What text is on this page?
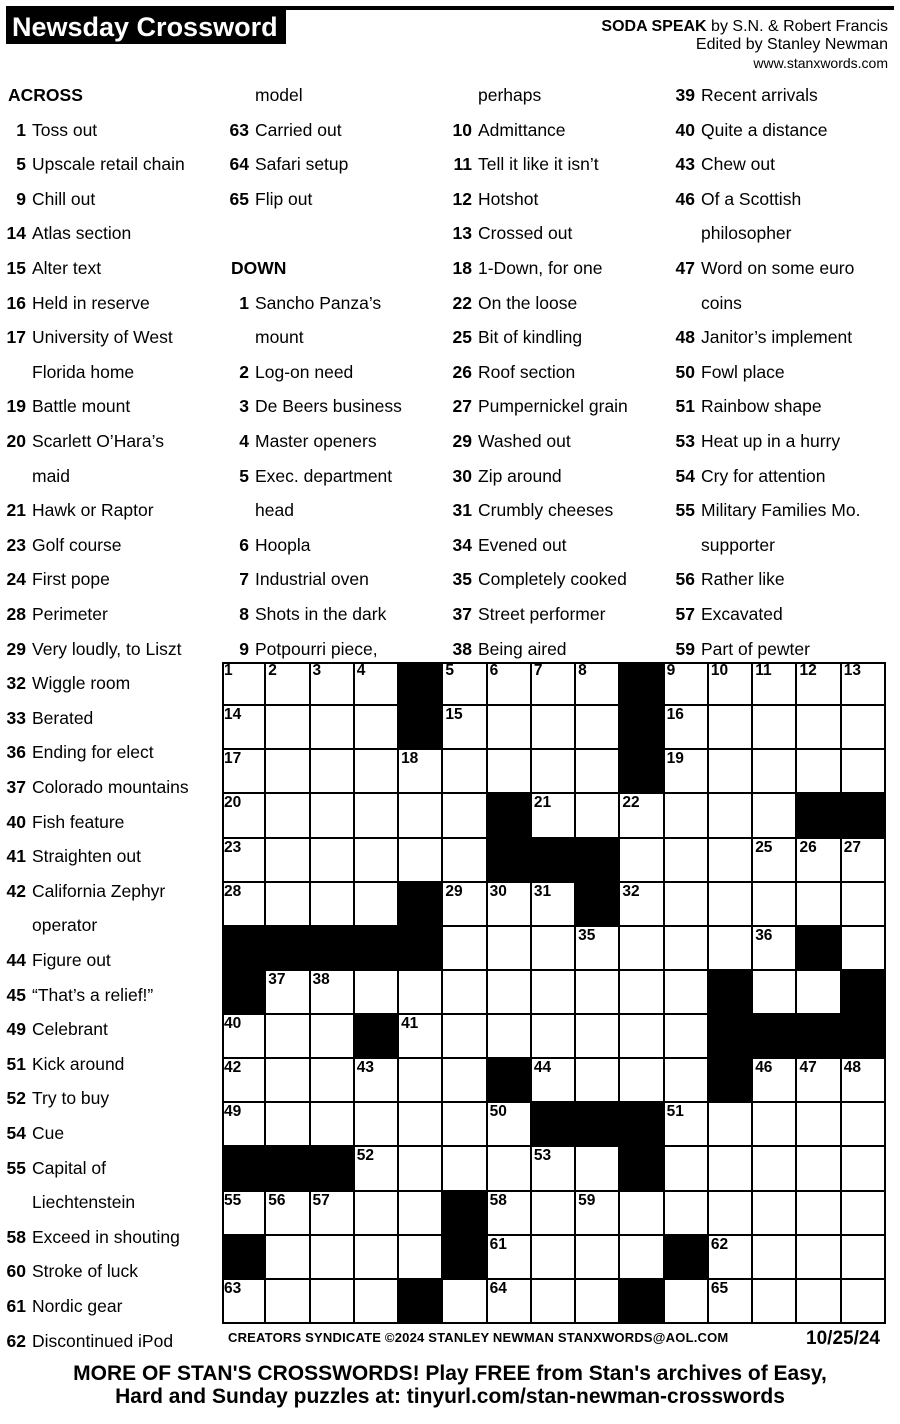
Newsday Crossword	SODA SPEAK by S.N. & Robert Francis
Edited by Stanley Newman
www.stanxwords.com
ACROSS
1 Toss out
5 Upscale retail chain
9 Chill out
14 Atlas section
15 Alter text
16 Held in reserve
17 University of West
Florida home
19 Battle mount
20 Scarlett O’Hara’s
maid
21 Hawk or Raptor
23 Golf course
24 First pope
28 Perimeter
29 Very loudly, to Liszt
32 Wiggle room
33 Berated
36 Ending for elect
37 Colorado mountains
40 Fish feature
41 Straighten out
42 California Zephyr
operator
44 Figure out
45 “That’s a relief!”
49 Celebrant
51 Kick around
52 Try to buy
54 Cue
55 Capital of
Liechtenstein
58 Exceed in shouting
60 Stroke of luck
61 Nordic gear
62 Discontinued iPod
model
63 Carried out
64 Safari setup
65 Flip out
DOWN
1 Sancho Panza’s
mount
2 Log-on need
3 De Beers business
4 Master openers
5 Exec. department
head
6 Hoopla
7 Industrial oven
8 Shots in the dark
9 Potpourri piece,
perhaps
10 Admittance
11 Tell it like it isn’t
12 Hotshot
13 Crossed out
18 1-Down, for one
22 On the loose
25 Bit of kindling
26 Roof section
27 Pumpernickel grain
29 Washed out
30 Zip around
31 Crumbly cheeses
34 Evened out
35 Completely cooked
37 Street performer
38 Being aired
39 Recent arrivals
40 Quite a distance
43 Chew out
46 Of a Scottish
philosopher
47 Word on some euro
coins
48 Janitor’s implement
50 Fowl place
51 Rainbow shape
53 Heat up in a hurry
54 Cry for attention
55 Military Families Mo.
supporter
56 Rather like
57 Excavated
59 Part of pewter
1 2 3 4	5 6 7 8	9 10 11 12 13
14	15	16
17	18	19
20	21	22
23	25 26 27
28	29 30 31	32
35	36
37 38
40	41
42	43	44	46 47 48
49	50	51
52	53
55 56 57	58	59
61	62
63	64	65
CREATORS SYNDICATE ©2024 STANLEY NEWMAN STANXWORDS@AOL.COM	10/25/24
MORE OF STAN'S CROSSWORDS! Play FREE from Stan's archives of Easy,
Hard and Sunday puzzles at: tinyurl.com/stan-newman-crosswords
